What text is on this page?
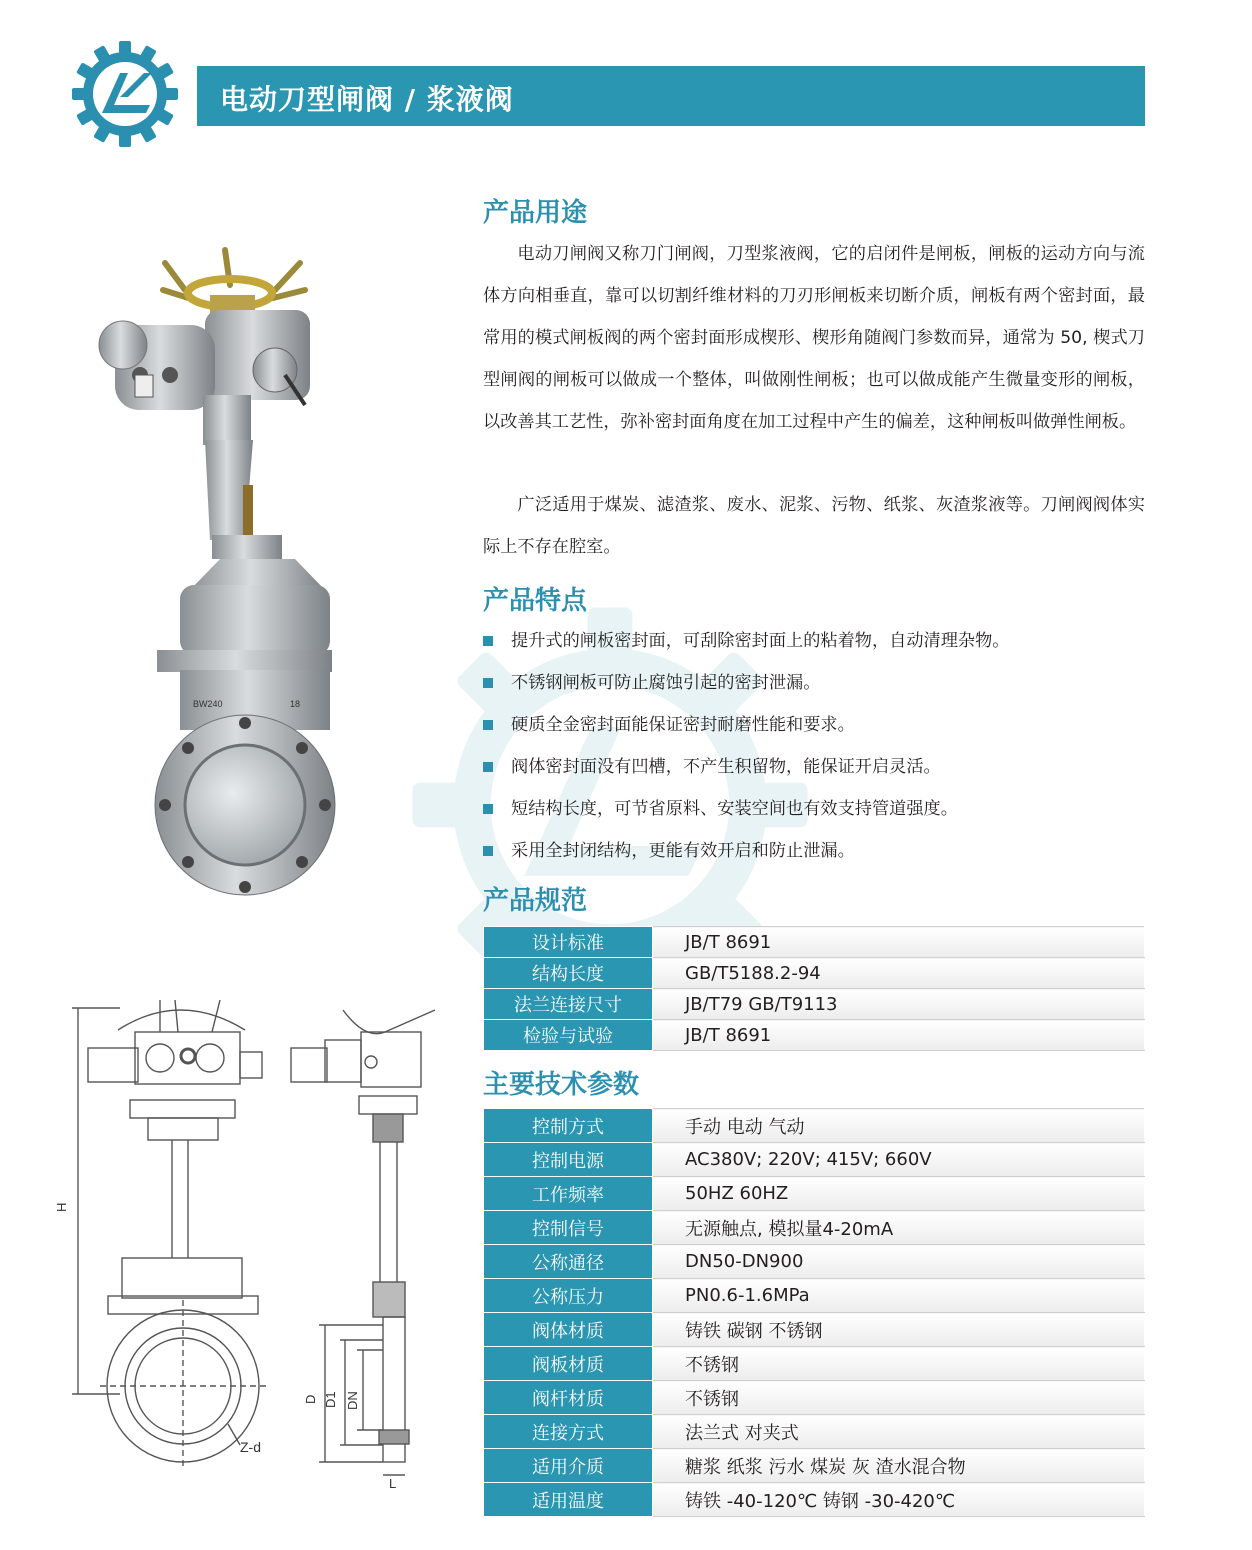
电动刀型闸阀 / 浆液阀
BW240	18
H
Z-d
D D1 DN
L
产品用途
电动刀闸阀又称刀门闸阀，刀型浆液阀，它的启闭件是闸板，闸板的运动方向与流体方向相垂直，靠可以切割纤维材料的刀刃形闸板来切断介质，闸板有两个密封面，最常用的模式闸板阀的两个密封面形成楔形、楔形角随阀门参数而异，通常为 50, 楔式刀型闸阀的闸板可以做成一个整体，叫做刚性闸板；也可以做成能产生微量变形的闸板，以改善其工艺性，弥补密封面角度在加工过程中产生的偏差，这种闸板叫做弹性闸板。
广泛适用于煤炭、滤渣浆、废水、泥浆、污物、纸浆、灰渣浆液等。刀闸阀阀体实际上不存在腔室。
产品特点
提升式的闸板密封面，可刮除密封面上的粘着物，自动清理杂物。
不锈钢闸板可防止腐蚀引起的密封泄漏。
硬质全金密封面能保证密封耐磨性能和要求。
阀体密封面没有凹槽，不产生积留物，能保证开启灵活。
短结构长度，可节省原料、安装空间也有效支持管道强度。
采用全封闭结构，更能有效开启和防止泄漏。
产品规范
设计标准	JB/T 8691
结构长度	GB/T5188.2-94
法兰连接尺寸	JB/T79 GB/T9113
检验与试验	JB/T 8691
主要技术参数
控制方式	手动 电动 气动
控制电源	AC380V; 220V; 415V; 660V
工作频率	50HZ 60HZ
控制信号	无源触点, 模拟量4-20mA
公称通径	DN50-DN900
公称压力	PN0.6-1.6MPa
阀体材质	铸铁 碳钢 不锈钢
阀板材质	不锈钢
阀杆材质	不锈钢
连接方式	法兰式 对夹式
适用介质	糖浆 纸浆 污水 煤炭 灰 渣水混合物
适用温度	铸铁 -40-120℃ 铸钢 -30-420℃
